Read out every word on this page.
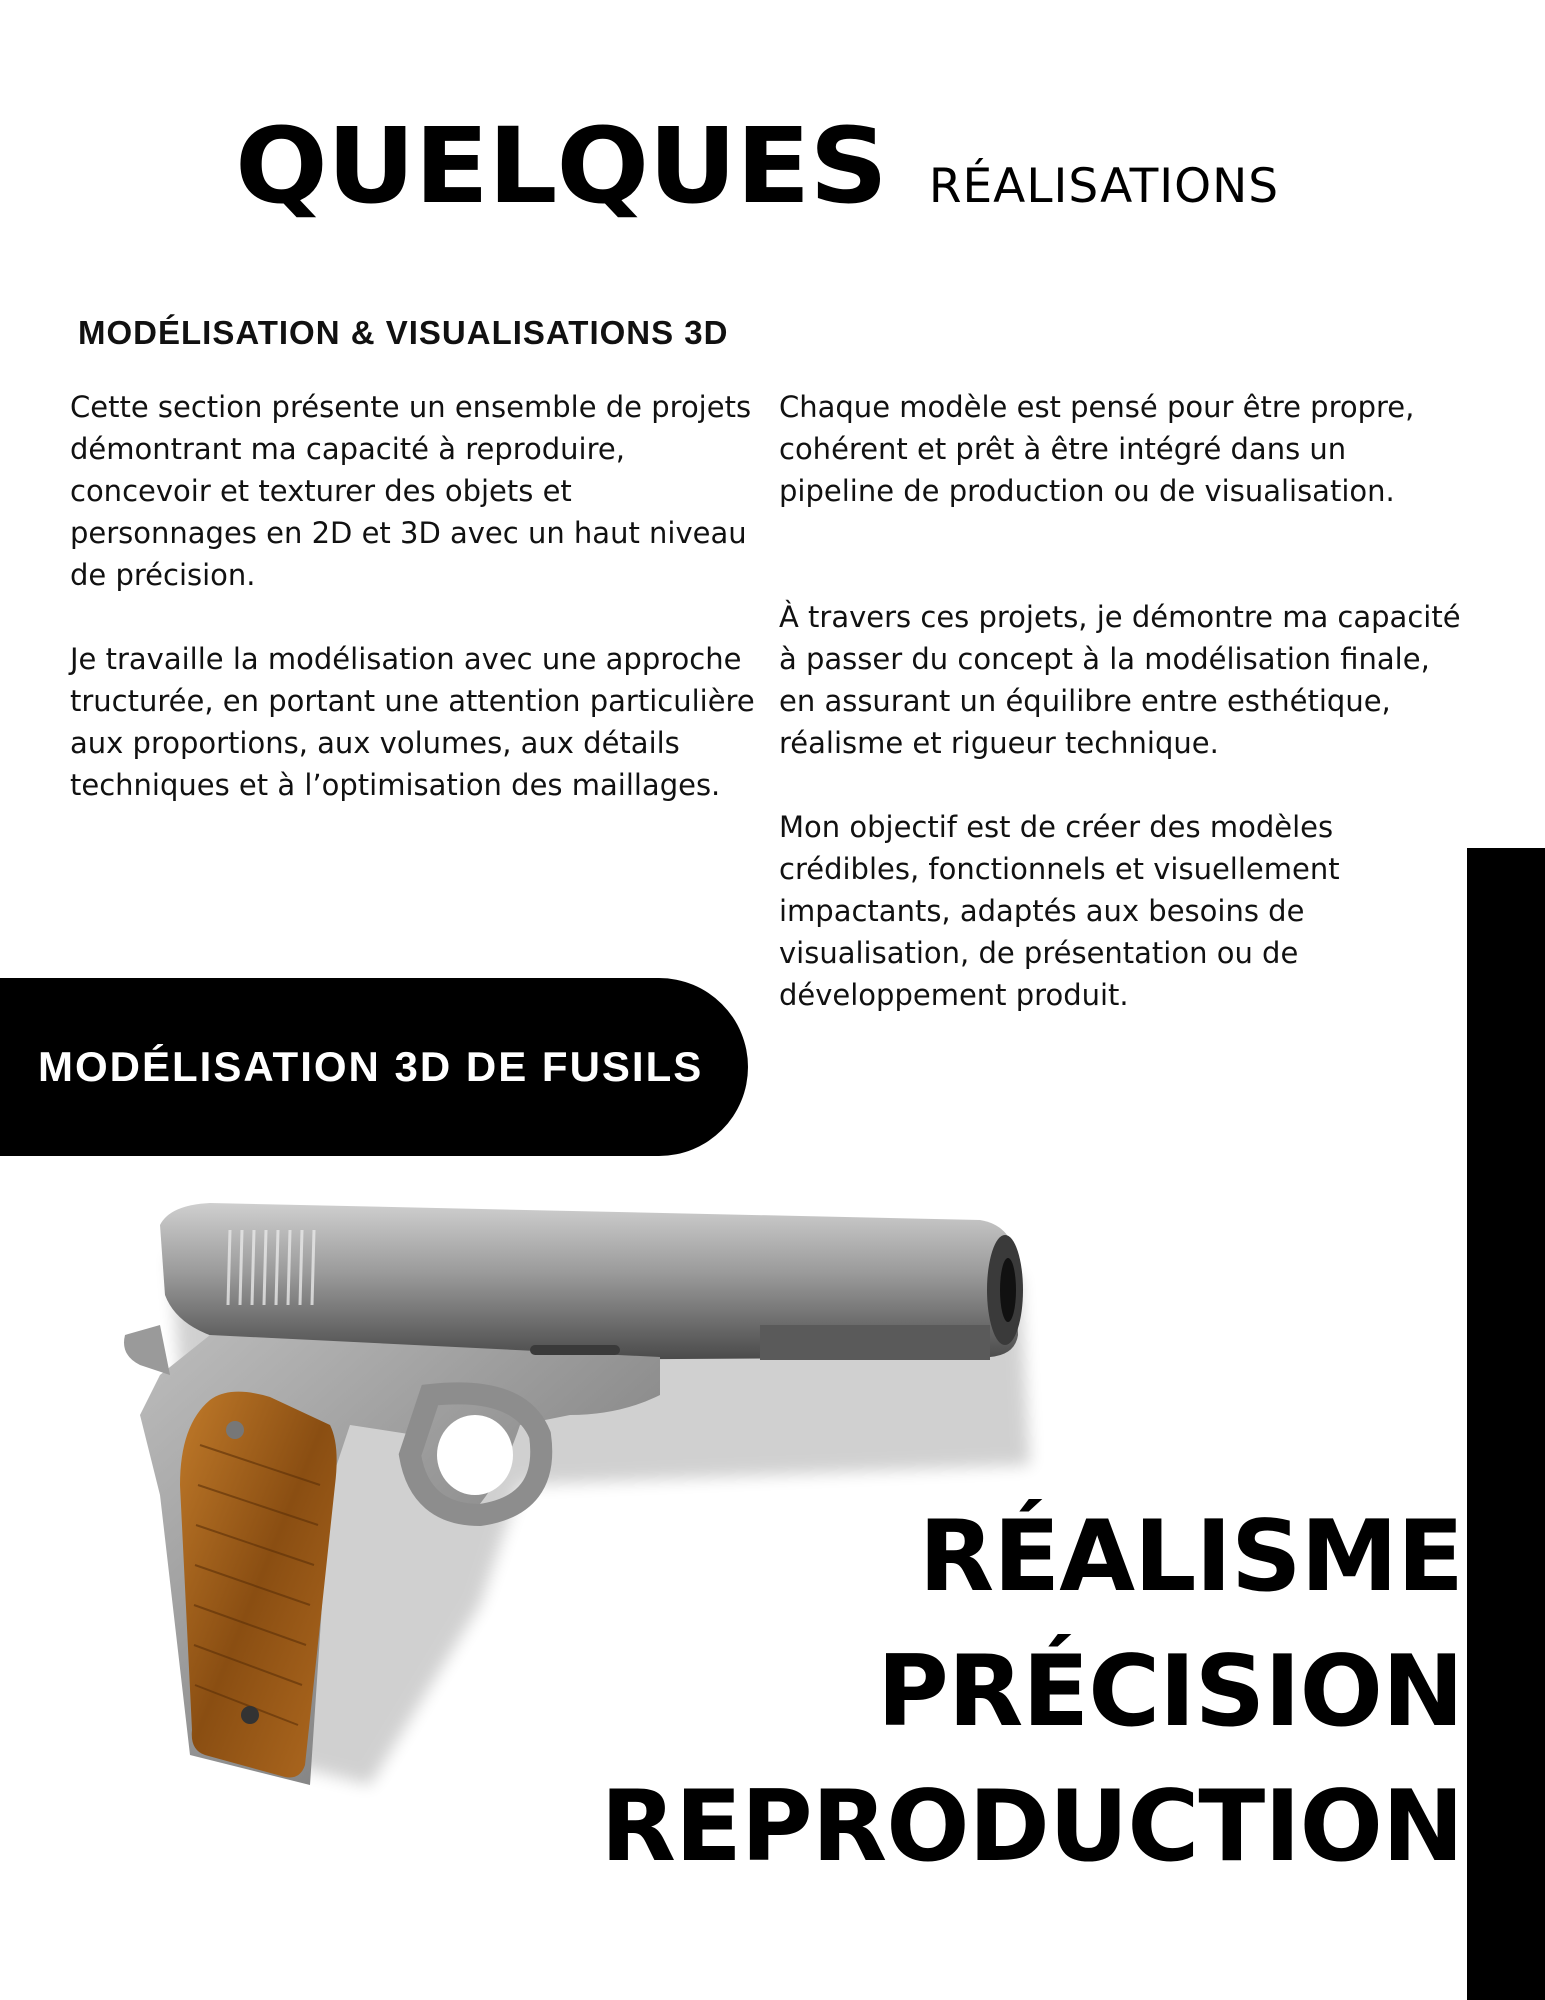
QUELQUES RÉALISATIONS
MODÉLISATION & VISUALISATIONS 3D

Cette section présente un ensemble de projets démontrant ma capacité à reproduire, concevoir et texturer des objets et personnages en 2D et 3D avec un haut niveau de précision.

Je travaille la modélisation avec une approche tructurée, en portant une attention particulière aux proportions, aux volumes, aux détails techniques et à l’optimisation des maillages.

Chaque modèle est pensé pour être propre, cohérent et prêt à être intégré dans un pipeline de production ou de visualisation.

À travers ces projets, je démontre ma capacité à passer du concept à la modélisation finale, en assurant un équilibre entre esthétique, réalisme et rigueur technique.

Mon objectif est de créer des modèles crédibles, fonctionnels et visuellement impactants, adaptés aux besoins de visualisation, de présentation ou de développement produit.

MODÉLISATION 3D DE FUSILS
RÉALISME
PRÉCISION
REPRODUCTION
